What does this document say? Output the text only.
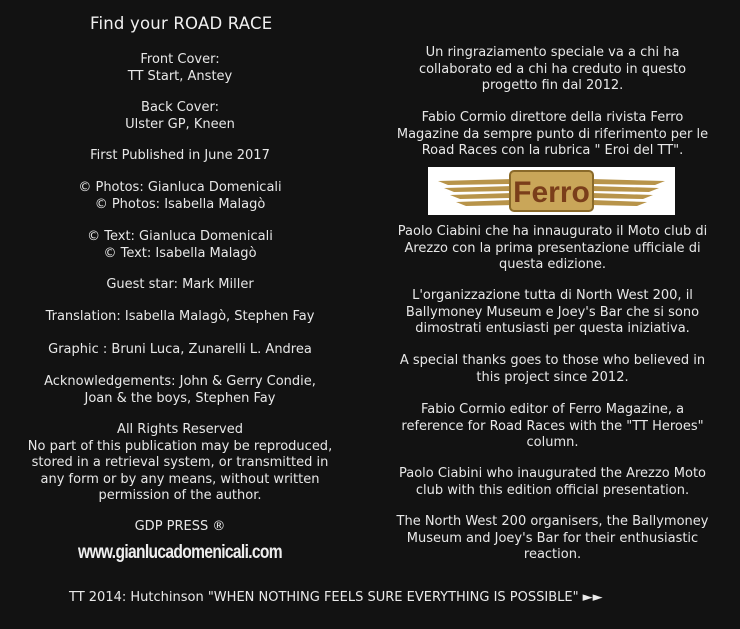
Find your ROAD RACE
Front Cover:
TT Start, Anstey
Back Cover:
Ulster GP, Kneen
First Published in June 2017
© Photos: Gianluca Domenicali
© Photos: Isabella Malagò
© Text: Gianluca Domenicali
© Text: Isabella Malagò
Guest star: Mark Miller
Translation: Isabella Malagò, Stephen Fay
Graphic : Bruni Luca, Zunarelli L. Andrea
Acknowledgements: John & Gerry Condie,
Joan & the boys, Stephen Fay
All Rights Reserved
No part of this publication may be reproduced,
stored in a retrieval system, or transmitted in
any form or by any means, without written
permission of the author.
GDP PRESS ®
www.gianlucadomenicali.com
Un ringraziamento speciale va a chi ha
collaborato ed a chi ha creduto in questo
progetto fin dal 2012.
Fabio Cormio direttore della rivista Ferro
Magazine da sempre punto di riferimento per le
Road Races con la rubrica " Eroi del TT".
Ferro
Paolo Ciabini che ha innaugurato il Moto club di
Arezzo con la prima presentazione ufficiale di
questa edizione.
L'organizzazione tutta di North West 200, il
Ballymoney Museum e Joey's Bar che si sono
dimostrati entusiasti per questa iniziativa.
A special thanks goes to those who believed in
this project since 2012.
Fabio Cormio editor of Ferro Magazine, a
reference for Road Races with the "TT Heroes"
column.
Paolo Ciabini who inaugurated the Arezzo Moto
club with this edition official presentation.
The North West 200 organisers, the Ballymoney
Museum and Joey's Bar for their enthusiastic
reaction.
TT 2014: Hutchinson "WHEN NOTHING FEELS SURE EVERYTHING IS POSSIBLE" ►►
